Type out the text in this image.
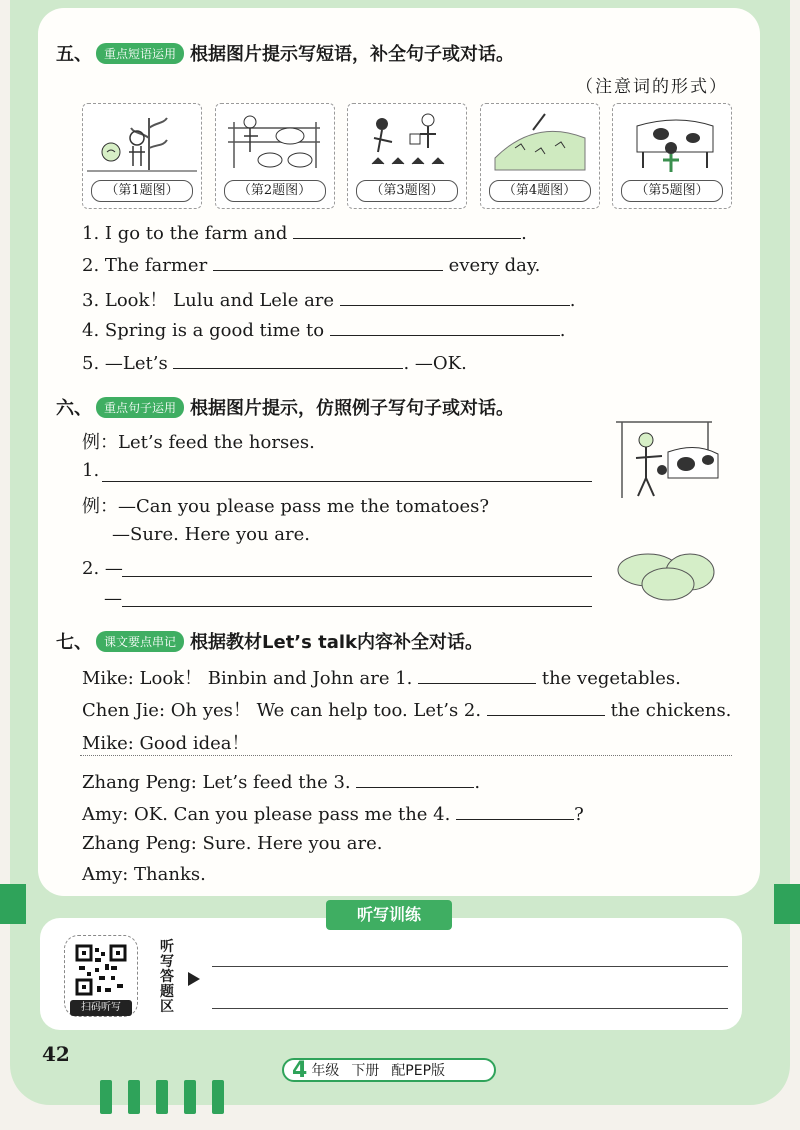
五、	重点短语运用 根据图片提示写短语，补全句子或对话。
（注意词的形式）
（第1题图）	（第2题图）	（第3题图）	（第4题图）	（第5题图）
1. I go to the farm and	.
2. The farmer	every day.
3. Look！ Lulu and Lele are	.
4. Spring is a good time to	.
5. —Let’s	. —OK.
六、	重点句子运用 根据图片提示，仿照例子写句子或对话。
例：Let’s feed the horses.
1.
例：—Can you please pass me the tomatoes?
—Sure. Here you are.
2. —
—
七、	课文要点串记 根据教材Let’s talk内容补全对话。
Mike: Look！ Binbin and John are 1.	the vegetables.
Chen Jie: Oh yes！ We can help too. Let’s 2.	the chickens.
Mike: Good idea！
Zhang Peng: Let’s feed the 3.	.
Amy: OK. Can you please pass me the 4.	?
Zhang Peng: Sure. Here you are.
Amy: Thanks.
听写训练
扫码听写
听写答题区
42
4 年级 下册 配PEP版
